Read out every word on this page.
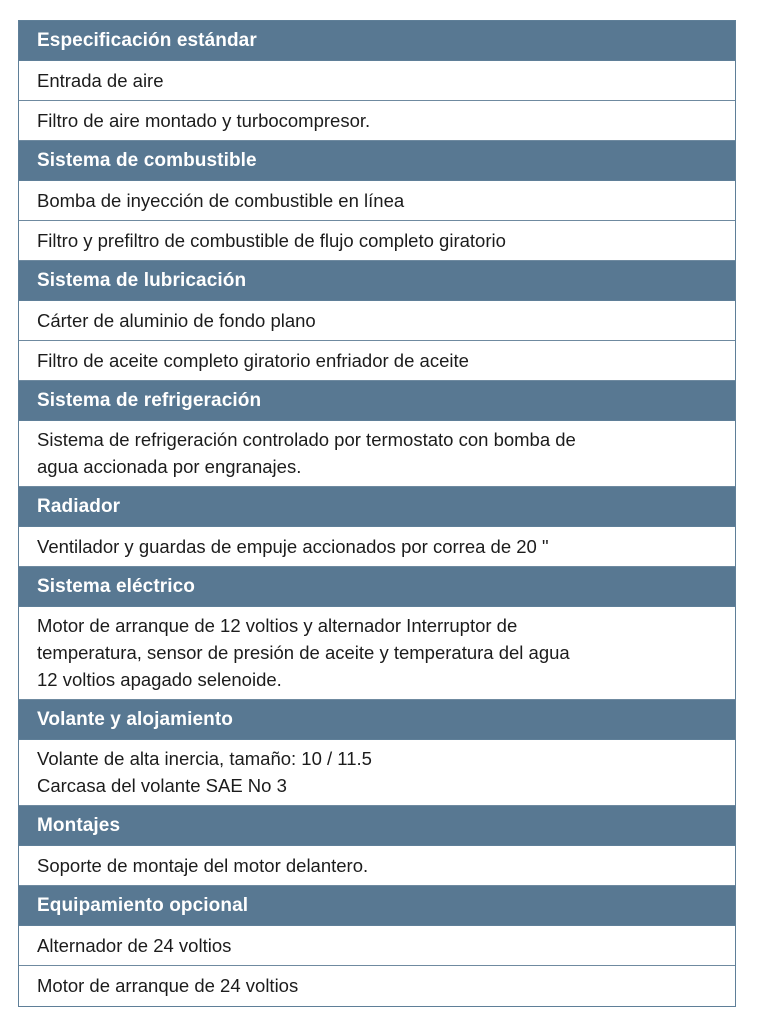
Especificación estándar
Entrada de aire
Filtro de aire montado y turbocompresor.
Sistema de combustible
Bomba de inyección de combustible en línea
Filtro y prefiltro de combustible de flujo completo giratorio
Sistema de lubricación
Cárter de aluminio de fondo plano
Filtro de aceite completo giratorio enfriador de aceite
Sistema de refrigeración
Sistema de refrigeración controlado por termostato con bomba de
agua accionada por engranajes.
Radiador
Ventilador y guardas de empuje accionados por correa de 20 "
Sistema eléctrico
Motor de arranque de 12 voltios y alternador Interruptor de
temperatura, sensor de presión de aceite y temperatura del agua
12 voltios apagado selenoide.
Volante y alojamiento
Volante de alta inercia, tamaño: 10 / 11.5
Carcasa del volante SAE No 3
Montajes
Soporte de montaje del motor delantero.
Equipamiento opcional
Alternador de 24 voltios
Motor de arranque de 24 voltios
